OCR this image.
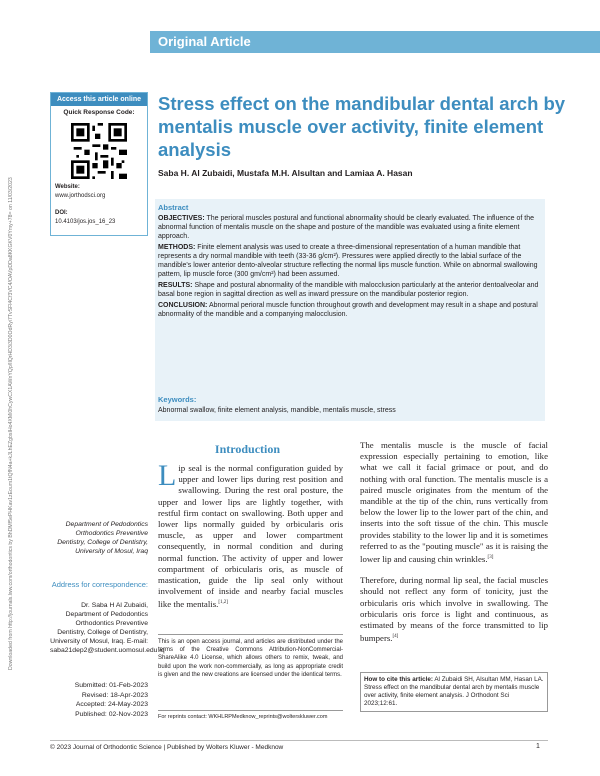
Original Article
Downloaded from http://journals.lww.com/orthodontics by BhDMf5ePHKav1zEoum1tQfN4a+kJLhEZgbsIHo4XMi0hCywCX1AWnYQp/IlQrHD3i3D0OdRyi7TvSFl4Cf3VC4/OAVpDDa8KKGKV0Ymy+78= on 11/03/2023
Access this article online
Quick Response Code:
Website:
www.jorthodsci.org
DOI:
10.4103/jos.jos_16_23
Stress effect on the mandibular dental arch by mentalis muscle over activity, finite element analysis
Saba H. Al Zubaidi, Mustafa M.H. Alsultan and Lamiaa A. Hasan
Abstract

OBJECTIVES: The perioral muscles postural and functional abnormality should be clearly evaluated. The influence of the abnormal function of mentalis muscle on the shape and posture of the mandible was evaluated using a finite element approach.

METHODS: Finite element analysis was used to create a three-dimensional representation of a human mandible that represents a dry normal mandible with teeth (33-36 g/cm²). Pressures were applied directly to the labial surface of the mandible's lower anterior dento-alveolar structure reflecting the normal lips muscle function. While on abnormal swallowing pattern, lip muscle force (300 gm/cm²) had been assumed.

RESULTS: Shape and postural abnormality of the mandible with malocclusion particularly at the anterior dentoalveolar and basal bone region in sagittal direction as well as inward pressure on the mandibular posterior region.

CONCLUSION: Abnormal perioral muscle function throughout growth and development may result in a shape and postural abnormality of the mandible and a companying malocclusion.

Keywords:
Abnormal swallow, finite element analysis, mandible, mentalis muscle, stress
Introduction
Lip seal is the normal configuration guided by upper and lower lips during rest position and swallowing. During the rest oral posture, the upper and lower lips are lightly together, with restful firm contact on swallowing. Both upper and lower lips normally guided by orbicularis oris muscle, as upper and lower compartment consequently, in normal condition and during normal function. The activity of upper and lower compartment of orbicularis oris, as muscle of mastication, guide the lip seal only without involvement of inside and nearby facial muscles like the mentalis.[1,2]

The mentalis muscle is the muscle of facial expression especially pertaining to emotion, like what we call it facial grimace or pout, and do nothing with oral function. The mentalis muscle is a paired muscle originates from the mentum of the mandible at the tip of the chin, runs vertically from below the lower lip to the lower part of the chin, and inserts into the soft tissue of the chin. This muscle provides stability to the lower lip and it is sometimes referred to as the "pouting muscle" as it is raising the lower lip and causing chin wrinkles.[3]

Therefore, during normal lip seal, the facial muscles should not reflect any form of tonicity, just the orbicularis oris which involve in swallowing. The orbicularis oris force is light and continuous, as estimated by means of the force transmitted to lip bumpers.[4]

Department of Pedodontics Orthodontics Preventive Dentistry, College of Dentistry, University of Mosul, Iraq
Address for correspondence:
Dr. Saba H Al Zubaidi, Department of Pedodontics Orthodontics Preventive Dentistry, College of Dentistry, University of Mosul, Iraq. E-mail: saba21dep2@student.uomosul.edu.iq
Submitted: 01-Feb-2023
Revised: 18-Apr-2023
Accepted: 24-May-2023
Published: 02-Nov-2023
This is an open access journal, and articles are distributed under the terms of the Creative Commons Attribution-NonCommercial-ShareAlike 4.0 License, which allows others to remix, tweak, and build upon the work non-commercially, as long as appropriate credit is given and the new creations are licensed under the identical terms.
For reprints contact: WKHLRPMedknow_reprints@wolterskluwer.com
How to cite this article: Al Zubaidi SH, Alsultan MM, Hasan LA. Stress effect on the mandibular dental arch by mentalis muscle over activity, finite element analysis. J Orthodont Sci 2023;12:61.
© 2023 Journal of Orthodontic Science | Published by Wolters Kluwer - Medknow	1
